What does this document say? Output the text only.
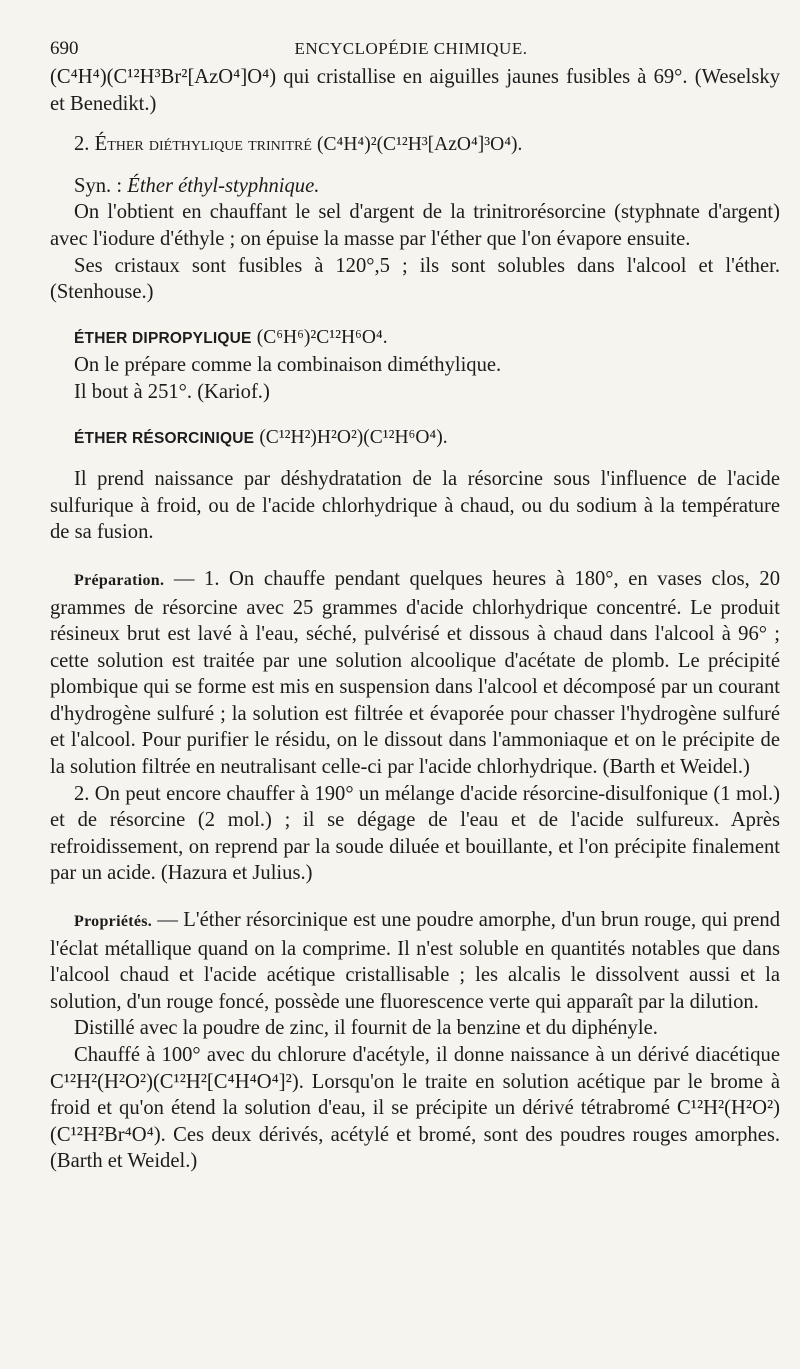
690	ENCYCLOPÉDIE CHIMIQUE.

(C⁴H⁴)(C¹²H³Br²[AzO⁴]O⁴) qui cristallise en aiguilles jaunes fusibles à 69°. (Weselsky et Benedikt.)

2. Éther diéthylique trinitré (C⁴H⁴)²(C¹²H³[AzO⁴]³O⁴).

Syn. : Éther éthyl-styphnique.

On l'obtient en chauffant le sel d'argent de la trinitrorésorcine (styphnate d'argent) avec l'iodure d'éthyle ; on épuise la masse par l'éther que l'on évapore ensuite.

Ses cristaux sont fusibles à 120°,5 ; ils sont solubles dans l'alcool et l'éther. (Stenhouse.)

ÉTHER DIPROPYLIQUE (C⁶H⁶)²C¹²H⁶O⁴.

On le prépare comme la combinaison diméthylique.

Il bout à 251°. (Kariof.)

ÉTHER RÉSORCINIQUE (C¹²H²)H²O²)(C¹²H⁶O⁴).

Il prend naissance par déshydratation de la résorcine sous l'influence de l'acide sulfurique à froid, ou de l'acide chlorhydrique à chaud, ou du sodium à la température de sa fusion.

Préparation. — 1. On chauffe pendant quelques heures à 180°, en vases clos, 20 grammes de résorcine avec 25 grammes d'acide chlorhydrique concentré. Le produit résineux brut est lavé à l'eau, séché, pulvérisé et dissous à chaud dans l'alcool à 96° ; cette solution est traitée par une solution alcoolique d'acétate de plomb. Le précipité plombique qui se forme est mis en suspension dans l'alcool et décomposé par un courant d'hydrogène sulfuré ; la solution est filtrée et évaporée pour chasser l'hydrogène sulfuré et l'alcool. Pour purifier le résidu, on le dissout dans l'ammoniaque et on le précipite de la solution filtrée en neutralisant celle-ci par l'acide chlorhydrique. (Barth et Weidel.)

2. On peut encore chauffer à 190° un mélange d'acide résorcine-disulfonique (1 mol.) et de résorcine (2 mol.) ; il se dégage de l'eau et de l'acide sulfureux. Après refroidissement, on reprend par la soude diluée et bouillante, et l'on précipite finalement par un acide. (Hazura et Julius.)

Propriétés. — L'éther résorcinique est une poudre amorphe, d'un brun rouge, qui prend l'éclat métallique quand on la comprime. Il n'est soluble en quantités notables que dans l'alcool chaud et l'acide acétique cristallisable ; les alcalis le dissolvent aussi et la solution, d'un rouge foncé, possède une fluorescence verte qui apparaît par la dilution.

Distillé avec la poudre de zinc, il fournit de la benzine et du diphényle.

Chauffé à 100° avec du chlorure d'acétyle, il donne naissance à un dérivé diacétique C¹²H²(H²O²)(C¹²H²[C⁴H⁴O⁴]²). Lorsqu'on le traite en solution acétique par le brome à froid et qu'on étend la solution d'eau, il se précipite un dérivé tétrabromé C¹²H²(H²O²)(C¹²H²Br⁴O⁴). Ces deux dérivés, acétylé et bromé, sont des poudres rouges amorphes. (Barth et Weidel.)
